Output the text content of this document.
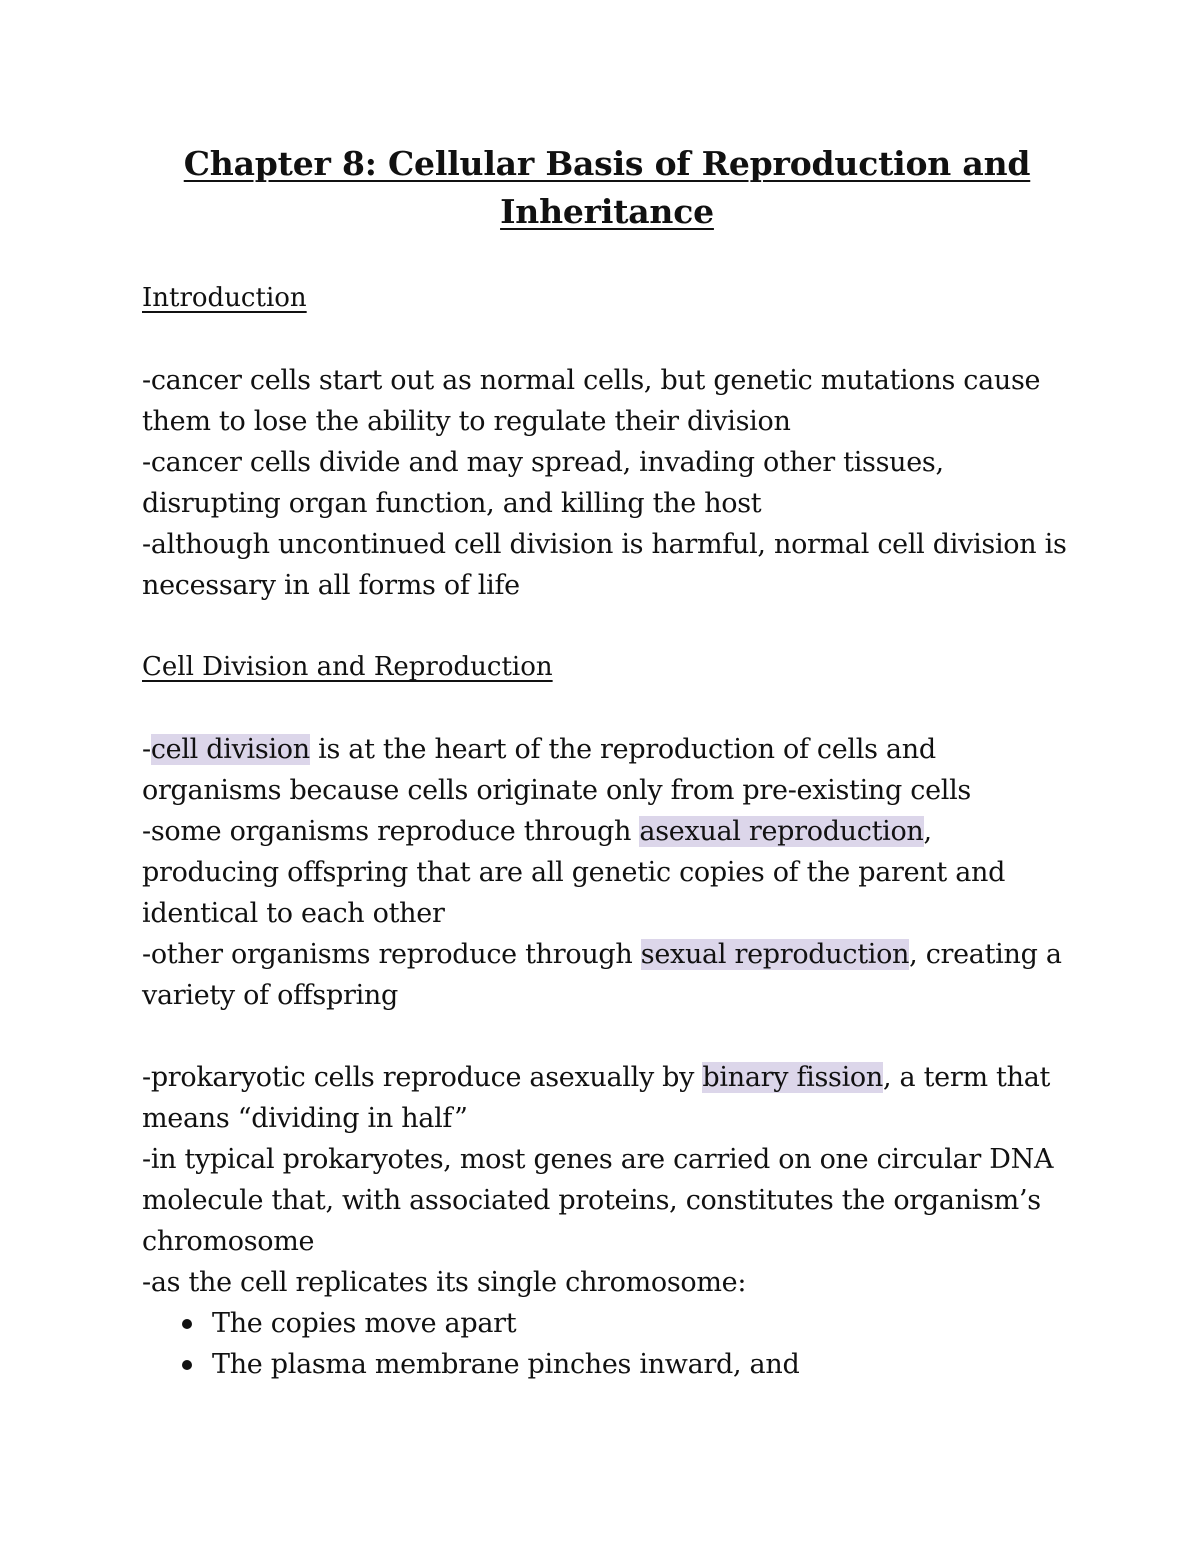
Chapter 8: Cellular Basis of Reproduction and Inheritance
Introduction

-cancer cells start out as normal cells, but genetic mutations cause them to lose the ability to regulate their division

-cancer cells divide and may spread, invading other tissues, disrupting organ function, and killing the host

-although uncontinued cell division is harmful, normal cell division is necessary in all forms of life

Cell Division and Reproduction

-cell division is at the heart of the reproduction of cells and organisms because cells originate only from pre-existing cells

-some organisms reproduce through asexual reproduction, producing offspring that are all genetic copies of the parent and identical to each other

-other organisms reproduce through sexual reproduction, creating a variety of offspring

-prokaryotic cells reproduce asexually by binary fission, a term that means “dividing in half”

-in typical prokaryotes, most genes are carried on one circular DNA molecule that, with associated proteins, constitutes the organism’s chromosome

-as the cell replicates its single chromosome:

The copies move apart
The plasma membrane pinches inward, and
